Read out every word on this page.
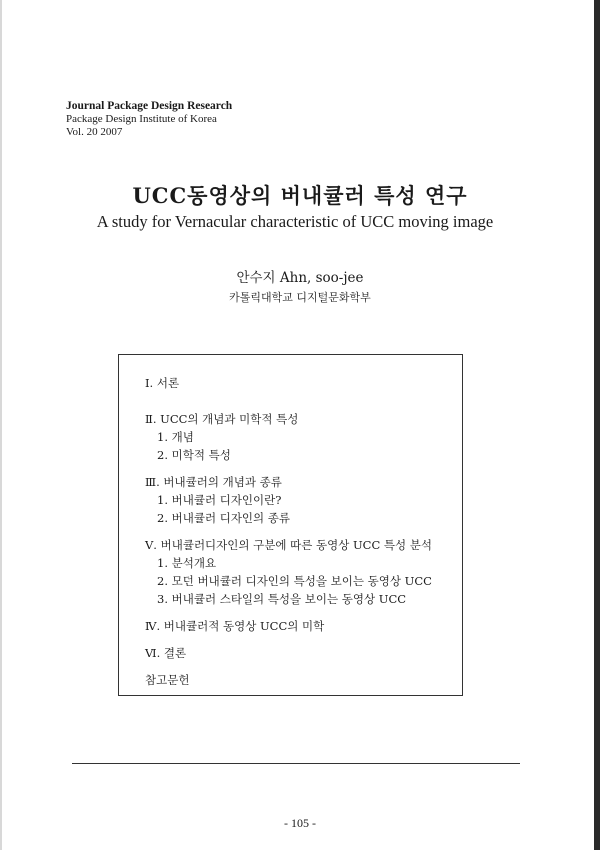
Journal Package Design Research
Package Design Institute of Korea
Vol. 20 2007
UCC동영상의 버내큘러 특성 연구
A study for Vernacular characteristic of UCC moving image
안수지 Ahn, soo-jee
카톨릭대학교 디지털문화학부
Ⅰ. 서론
Ⅱ. UCC의 개념과 미학적 특성
1. 개념
2. 미학적 특성
Ⅲ. 버내큘러의 개념과 종류
1. 버내큘러 디자인이란?
2. 버내큘러 디자인의 종류
Ⅴ. 버내큘러디자인의 구분에 따른 동영상 UCC 특성 분석
1. 분석개요
2. 모던 버내큘러 디자인의 특성을 보이는 동영상 UCC
3. 버내큘러 스타일의 특성을 보이는 동영상 UCC
Ⅳ. 버내큘러적 동영상 UCC의 미학
Ⅵ. 결론
참고문헌
- 105 -
